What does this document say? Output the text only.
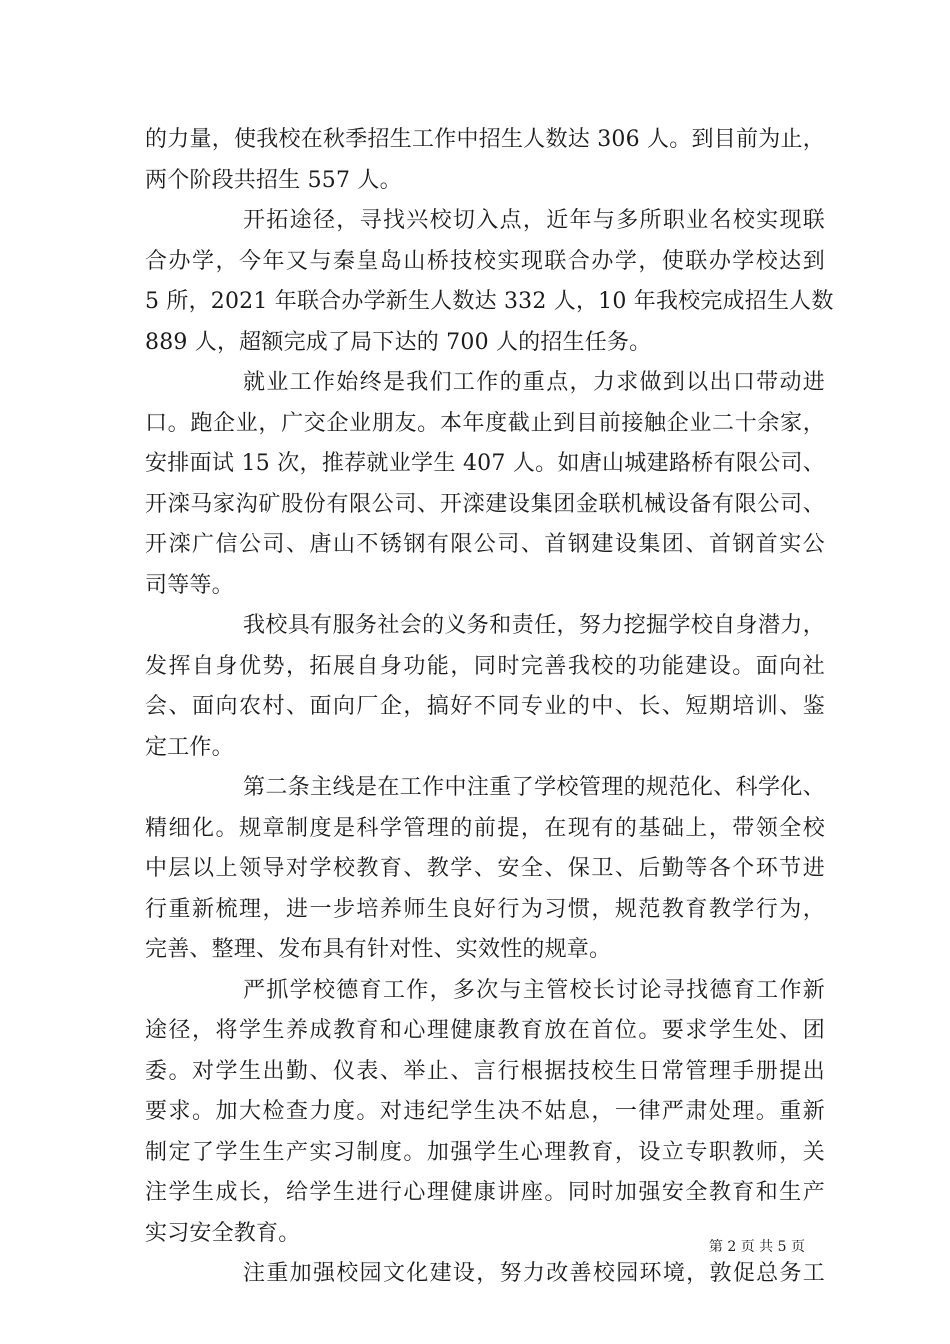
的力量，使我校在秋季招生工作中招生人数达 306 人。到目前为止，
两个阶段共招生 557 人。
开拓途径，寻找兴校切入点，近年与多所职业名校实现联
合办学，今年又与秦皇岛山桥技校实现联合办学，使联办学校达到
5 所，2021 年联合办学新生人数达 332 人，10 年我校完成招生人数
889 人，超额完成了局下达的 700 人的招生任务。
就业工作始终是我们工作的重点，力求做到以出口带动进
口。跑企业，广交企业朋友。本年度截止到目前接触企业二十余家，
安排面试 15 次，推荐就业学生 407 人。如唐山城建路桥有限公司、
开滦马家沟矿股份有限公司、开滦建设集团金联机械设备有限公司、
开滦广信公司、唐山不锈钢有限公司、首钢建设集团、首钢首实公
司等等。
我校具有服务社会的义务和责任，努力挖掘学校自身潜力，
发挥自身优势，拓展自身功能，同时完善我校的功能建设。面向社
会、面向农村、面向厂企，搞好不同专业的中、长、短期培训、鉴
定工作。
第二条主线是在工作中注重了学校管理的规范化、科学化、
精细化。规章制度是科学管理的前提，在现有的基础上，带领全校
中层以上领导对学校教育、教学、安全、保卫、后勤等各个环节进
行重新梳理，进一步培养师生良好行为习惯，规范教育教学行为，
完善、整理、发布具有针对性、实效性的规章。
严抓学校德育工作，多次与主管校长讨论寻找德育工作新
途径，将学生养成教育和心理健康教育放在首位。要求学生处、团
委。对学生出勤、仪表、举止、言行根据技校生日常管理手册提出
要求。加大检查力度。对违纪学生决不姑息，一律严肃处理。重新
制定了学生生产实习制度。加强学生心理教育，设立专职教师，关
注学生成长，给学生进行心理健康讲座。同时加强安全教育和生产
实习安全教育。
注重加强校园文化建设，努力改善校园环境，敦促总务工
第 2 页 共 5 页
